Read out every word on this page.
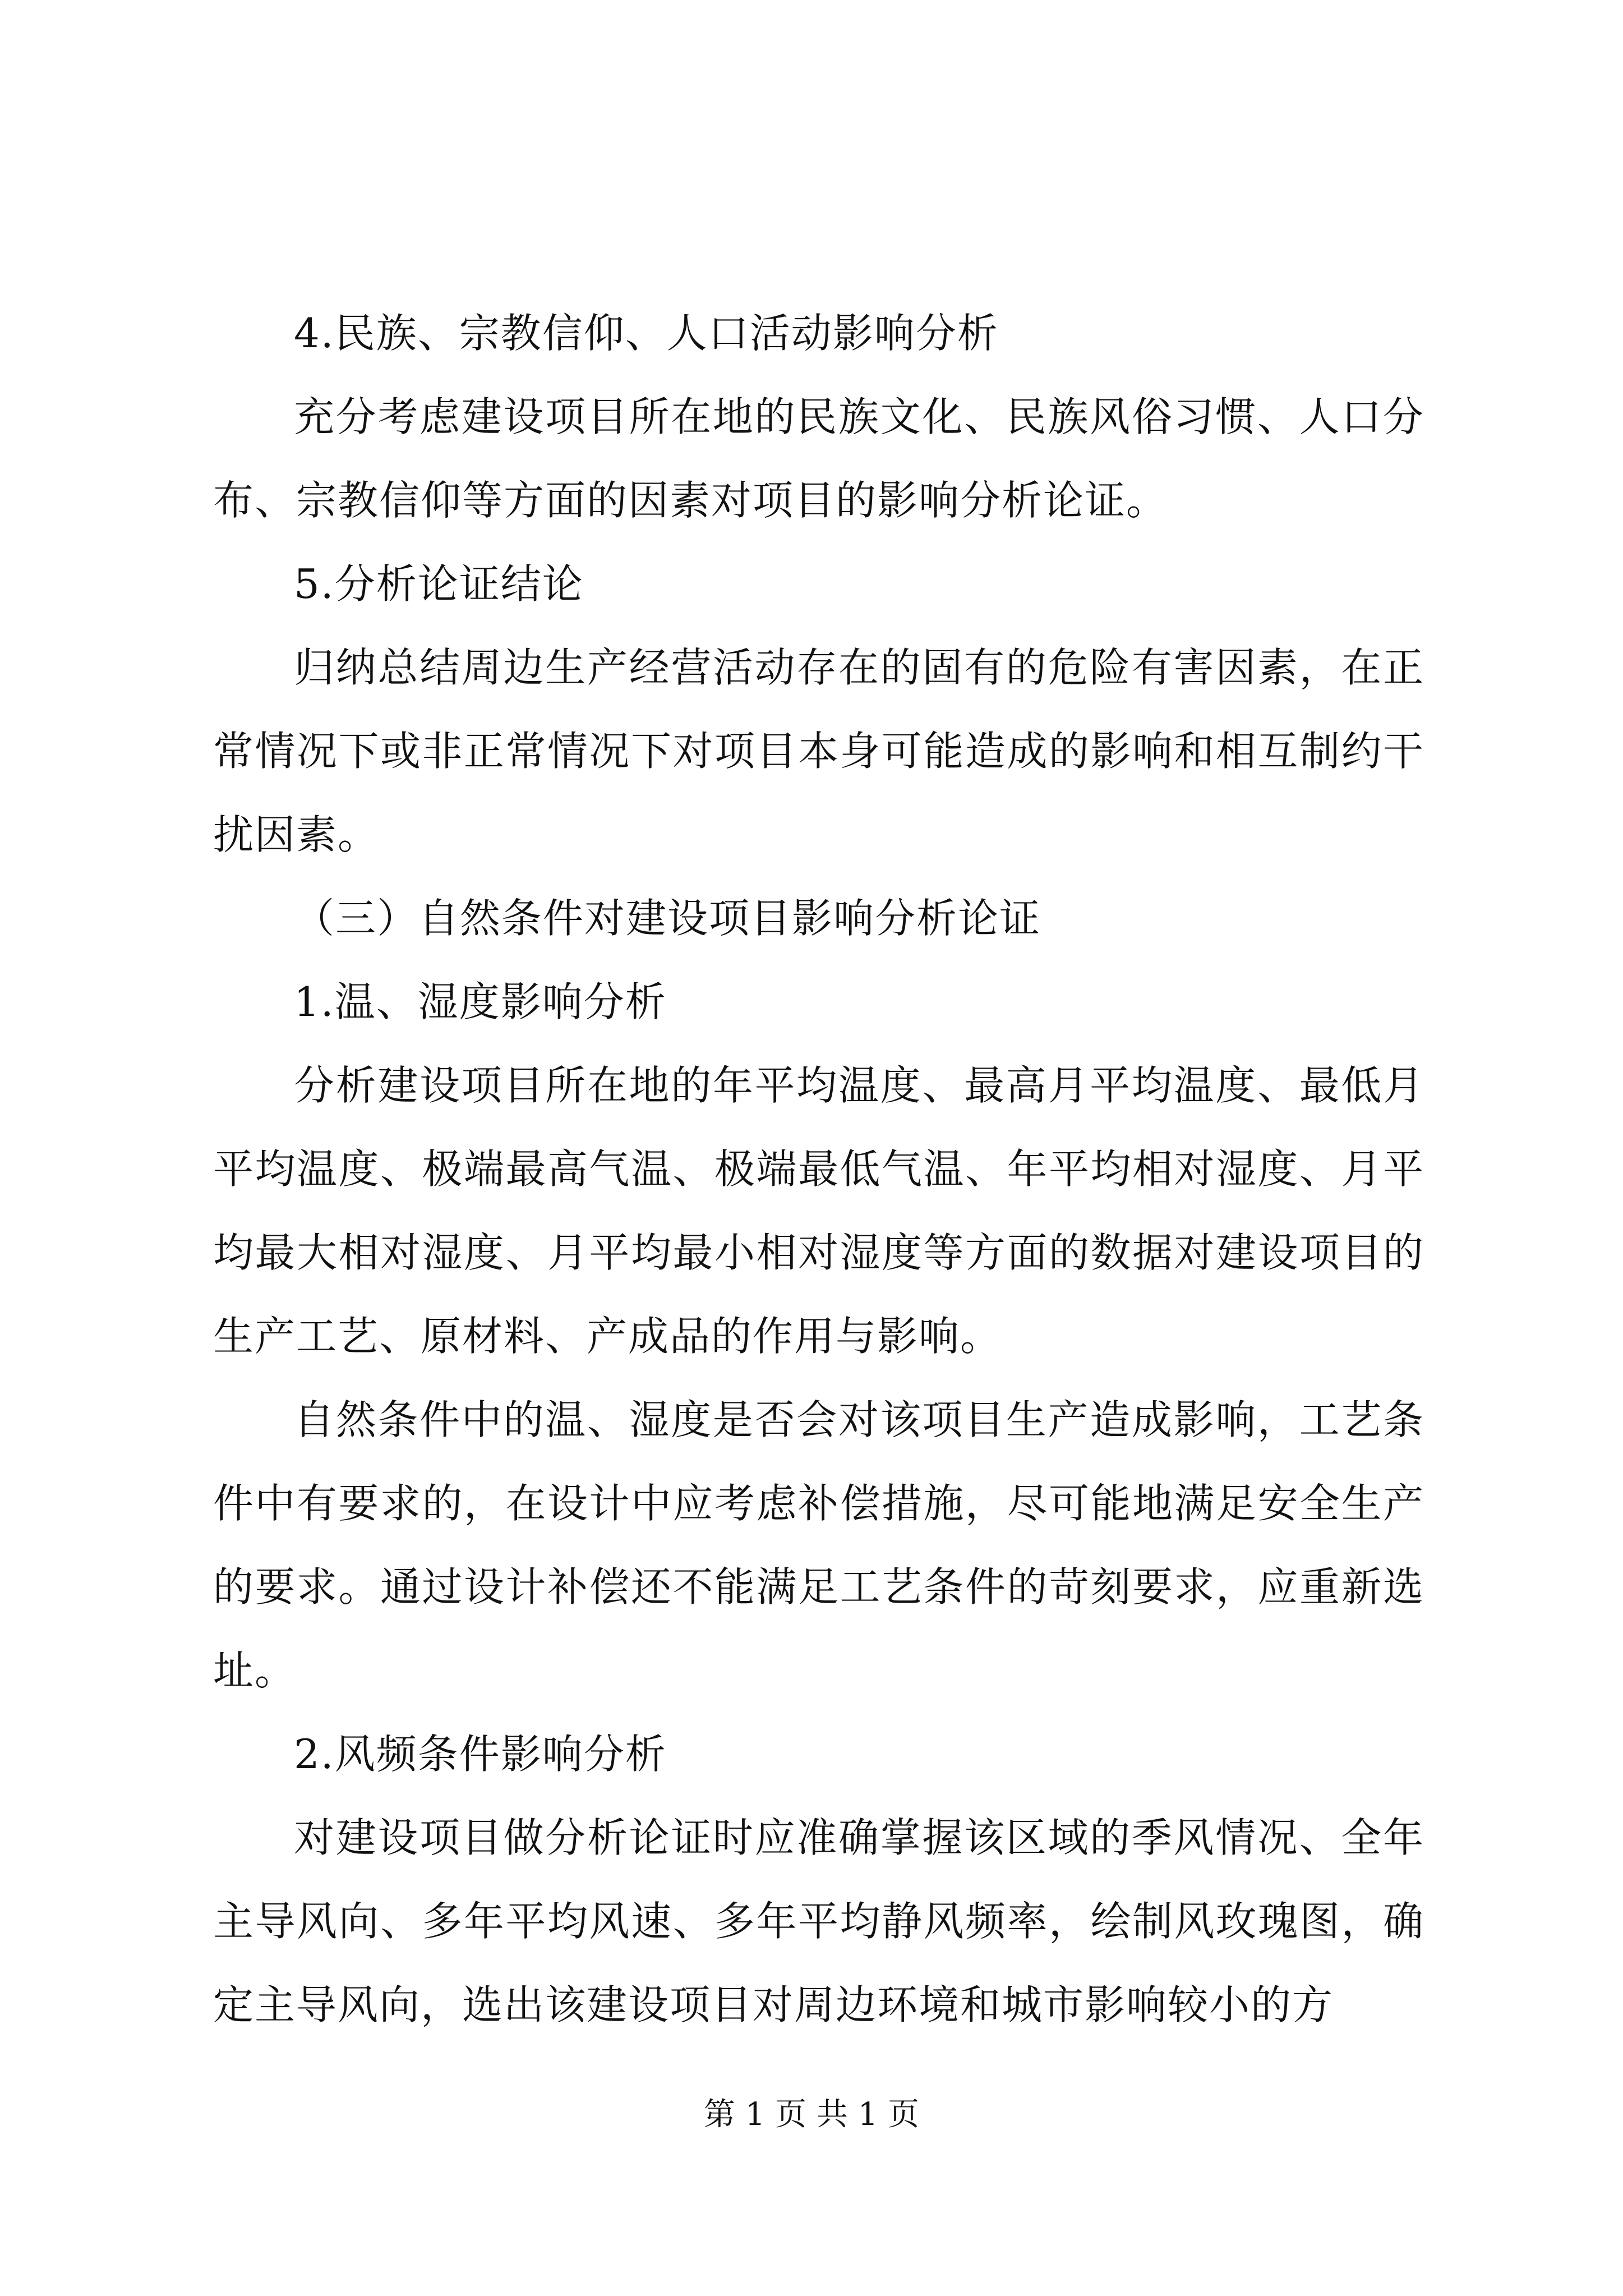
4.民族、宗教信仰、人口活动影响分析

充分考虑建设项目所在地的民族文化、民族风俗习惯、人口分布、宗教信仰等方面的因素对项目的影响分析论证。

5.分析论证结论

归纳总结周边生产经营活动存在的固有的危险有害因素，在正常情况下或非正常情况下对项目本身可能造成的影响和相互制约干扰因素。

（三）自然条件对建设项目影响分析论证

1.温、湿度影响分析

分析建设项目所在地的年平均温度、最高月平均温度、最低月平均温度、极端最高气温、极端最低气温、年平均相对湿度、月平均最大相对湿度、月平均最小相对湿度等方面的数据对建设项目的生产工艺、原材料、产成品的作用与影响。

自然条件中的温、湿度是否会对该项目生产造成影响，工艺条件中有要求的，在设计中应考虑补偿措施，尽可能地满足安全生产的要求。通过设计补偿还不能满足工艺条件的苛刻要求，应重新选址。

2.风频条件影响分析

对建设项目做分析论证时应准确掌握该区域的季风情况、全年主导风向、多年平均风速、多年平均静风频率，绘制风玫瑰图，确定主导风向，选出该建设项目对周边环境和城市影响较小的方

第 1 页 共 1 页
